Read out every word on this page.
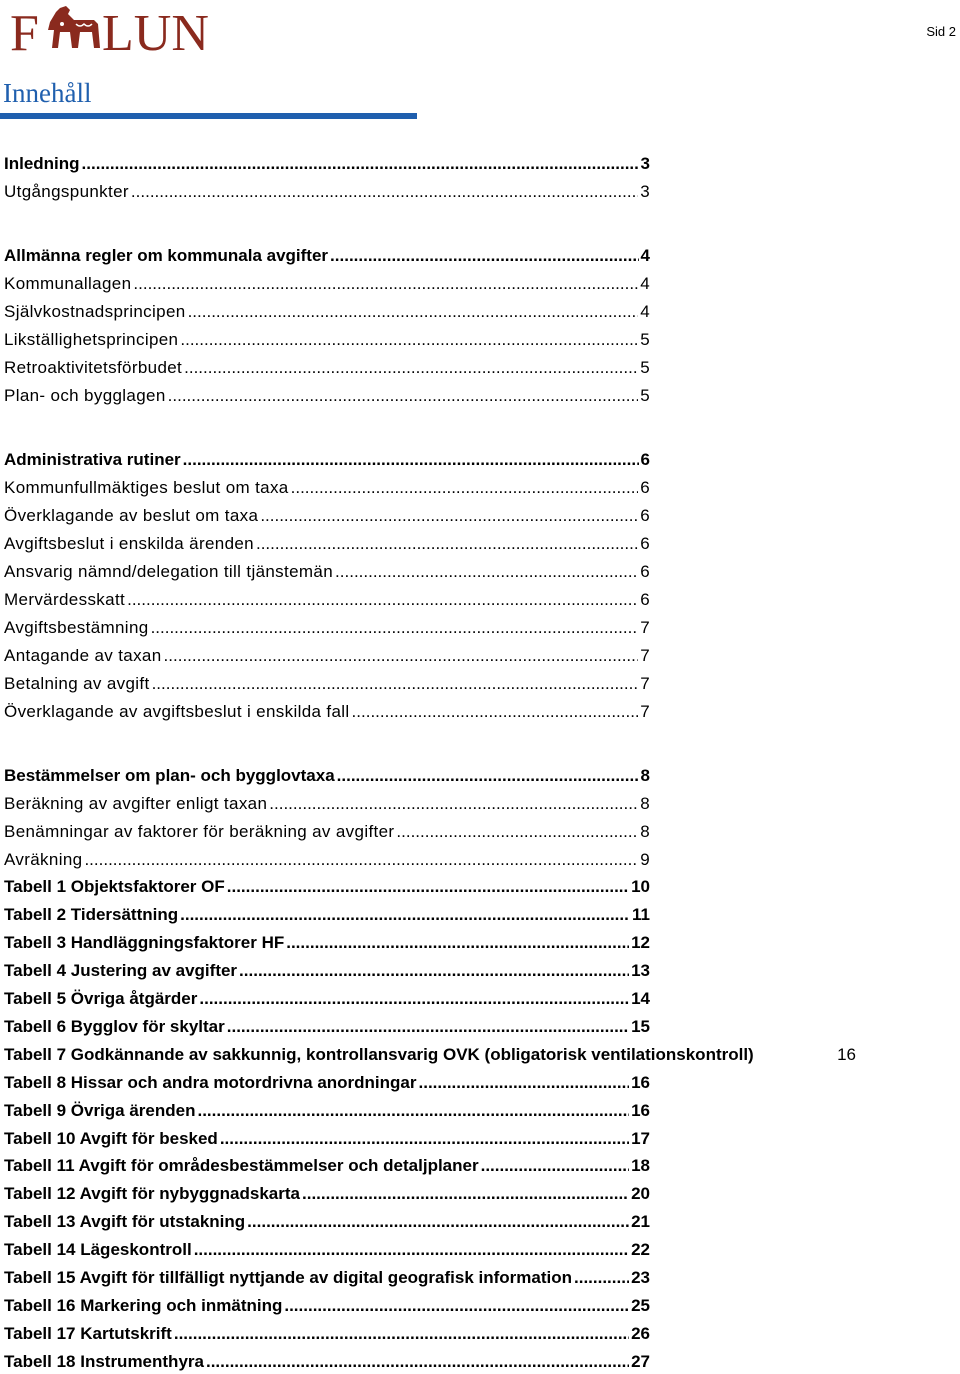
F LUN	Sid 2
Innehåll
Inledning .....	3
Utgångspunkter .....	3
Allmänna regler om kommunala avgifter .....	4
Kommunallagen .....	4
Självkostnadsprincipen .....	4
Likställighetsprincipen .....	5
Retroaktivitetsförbudet .....	5
Plan- och bygglagen .....	5
Administrativa rutiner .....	6
Kommunfullmäktiges beslut om taxa .....	6
Överklagande av beslut om taxa .....	6
Avgiftsbeslut i enskilda ärenden .....	6
Ansvarig nämnd/delegation till tjänstemän .....	6
Mervärdesskatt .....	6
Avgiftsbestämning .....	7
Antagande av taxan .....	7
Betalning av avgift .....	7
Överklagande av avgiftsbeslut i enskilda fall .....	7
Bestämmelser om plan- och bygglovtaxa .....	8
Beräkning av avgifter enligt taxan .....	8
Benämningar av faktorer för beräkning av avgifter .....	8
Avräkning .....	9
Tabell 1 Objektsfaktorer OF .....	10
Tabell 2 Tidersättning .....	11
Tabell 3 Handläggningsfaktorer HF .....	12
Tabell 4 Justering av avgifter .....	13
Tabell 5 Övriga åtgärder .....	14
Tabell 6 Bygglov för skyltar .....	15
Tabell 7 Godkännande av sakkunnig, kontrollansvarig OVK (obligatorisk ventilationskontroll)	16
Tabell 8 Hissar och andra motordrivna anordningar .....	16
Tabell 9 Övriga ärenden .....	16
Tabell 10 Avgift för besked .....	17
Tabell 11 Avgift för områdesbestämmelser och detaljplaner .....	18
Tabell 12 Avgift för nybyggnadskarta .....	20
Tabell 13 Avgift för utstakning .....	21
Tabell 14 Lägeskontroll .....	22
Tabell 15 Avgift för tillfälligt nyttjande av digital geografisk information .....	23
Tabell 16 Markering och inmätning .....	25
Tabell 17 Kartutskrift .....	26
Tabell 18 Instrumenthyra .....	27
